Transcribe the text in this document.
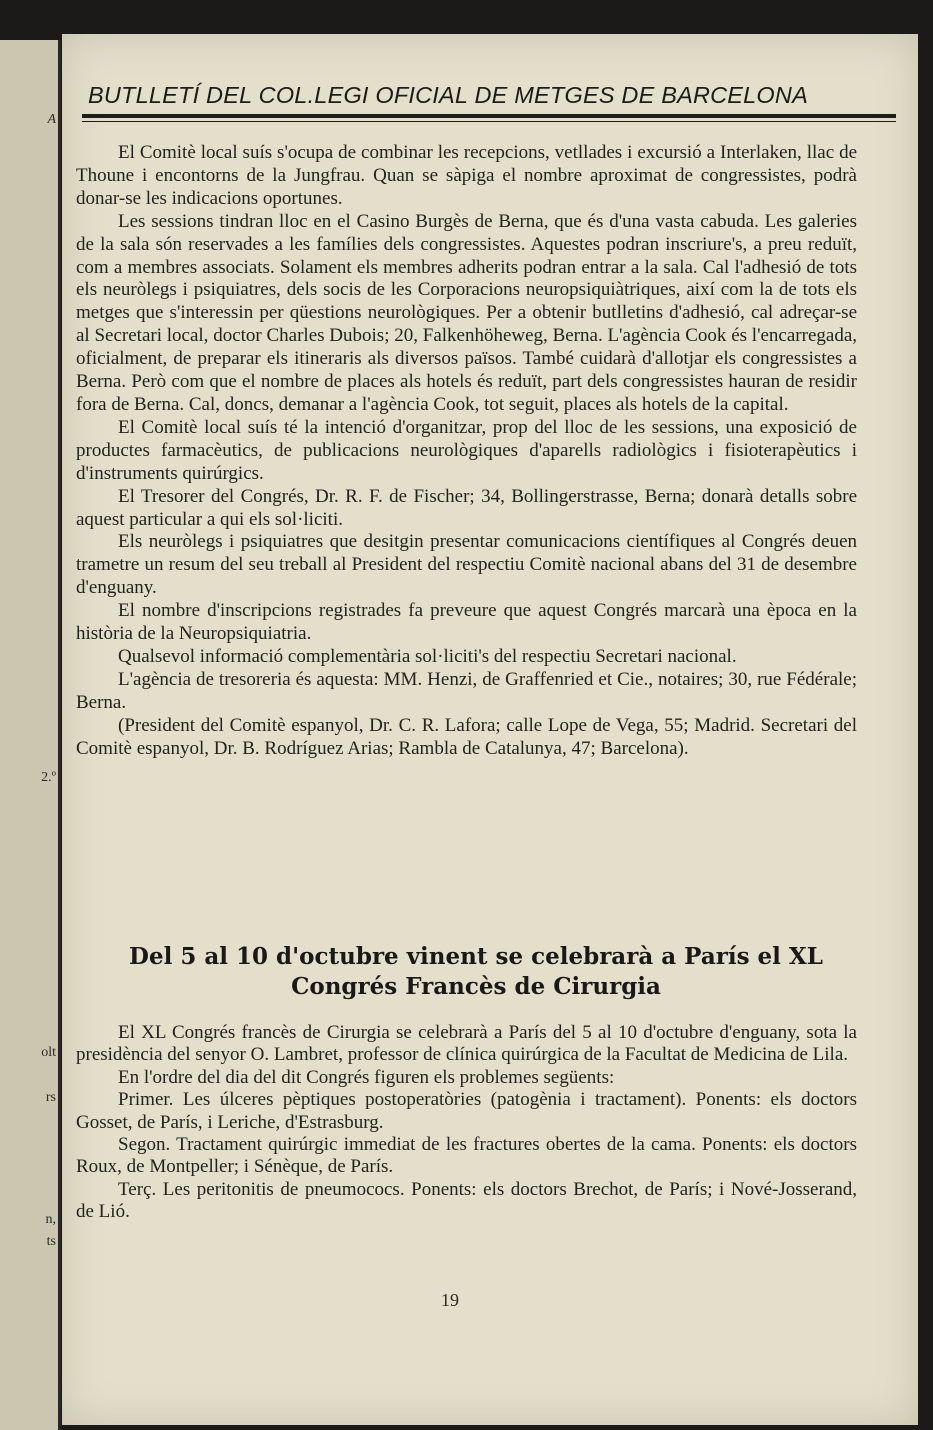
A
2.º
olt
rs
n,
ts
BUTLLETÍ DEL COL.LEGI OFICIAL DE METGES DE BARCELONA

El Comitè local suís s'ocupa de combinar les recepcions, vetllades i excursió a Interlaken, llac de Thoune i encontorns de la Jungfrau. Quan se sàpiga el nombre aproximat de congressistes, podrà donar-se les indicacions oportunes.

Les sessions tindran lloc en el Casino Burgès de Berna, que és d'una vasta cabuda. Les galeries de la sala són reservades a les famílies dels congressistes. Aquestes podran inscriure's, a preu reduït, com a membres associats. Solament els membres adherits podran entrar a la sala. Cal l'adhesió de tots els neuròlegs i psiquiatres, dels socis de les Corporacions neuropsiquiàtriques, així com la de tots els metges que s'interessin per qüestions neurològiques. Per a obtenir butlletins d'adhesió, cal adreçar-se al Secretari local, doctor Charles Dubois; 20, Falkenhöheweg, Berna. L'agència Cook és l'encarregada, oficialment, de preparar els itineraris als diversos països. També cuidarà d'allotjar els congressistes a Berna. Però com que el nombre de places als hotels és reduït, part dels congressistes hauran de residir fora de Berna. Cal, doncs, demanar a l'agència Cook, tot seguit, places als hotels de la capital.

El Comitè local suís té la intenció d'organitzar, prop del lloc de les sessions, una exposició de productes farmacèutics, de publicacions neurològiques d'aparells radiològics i fisioterapèutics i d'instruments quirúrgics.

El Tresorer del Congrés, Dr. R. F. de Fischer; 34, Bollingerstrasse, Berna; donarà detalls sobre aquest particular a qui els sol·liciti.

Els neuròlegs i psiquiatres que desitgin presentar comunicacions científiques al Congrés deuen trametre un resum del seu treball al President del respectiu Comitè nacional abans del 31 de desembre d'enguany.

El nombre d'inscripcions registrades fa preveure que aquest Congrés marcarà una època en la història de la Neuropsiquiatria.

Qualsevol informació complementària sol·liciti's del respectiu Secretari nacional.

L'agència de tresoreria és aquesta: MM. Henzi, de Graffenried et Cie., notaires; 30, rue Fédérale; Berna.

(President del Comitè espanyol, Dr. C. R. Lafora; calle Lope de Vega, 55; Madrid. Secretari del Comitè espanyol, Dr. B. Rodríguez Arias; Rambla de Catalunya, 47; Barcelona).

Del 5 al 10 d'octubre vinent se celebrarà a París el XL Congrés Francès de Cirurgia

El XL Congrés francès de Cirurgia se celebrarà a París del 5 al 10 d'octubre d'enguany, sota la presidència del senyor O. Lambret, professor de clínica quirúrgica de la Facultat de Medicina de Lila.

En l'ordre del dia del dit Congrés figuren els problemes següents:

Primer. Les úlceres pèptiques postoperatòries (patogènia i tractament). Ponents: els doctors Gosset, de París, i Leriche, d'Estrasburg.

Segon. Tractament quirúrgic immediat de les fractures obertes de la cama. Ponents: els doctors Roux, de Montpeller; i Sénèque, de París.

Terç. Les peritonitis de pneumococs. Ponents: els doctors Brechot, de París; i Nové-Josserand, de Lió.

19
